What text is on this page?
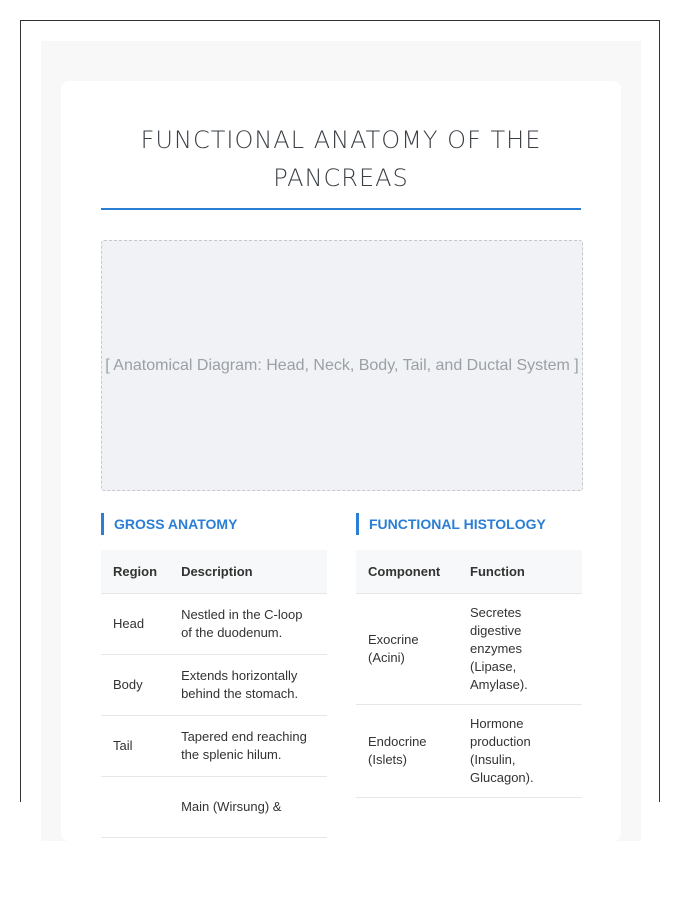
FUNCTIONAL ANATOMY OF THE PANCREAS
[ Anatomical Diagram: Head, Neck, Body, Tail, and Ductal System ]
GROSS ANATOMY	FUNCTIONAL HISTOLOGY
Region	Description
Head	Nestled in the C-loop of the duodenum.
Body	Extends horizontally behind the stomach.
Tail	Tapered end reaching the splenic hilum.
	Main (Wirsung) &
Component	Function
Exocrine (Acini)	Secretes digestive enzymes (Lipase, Amylase).
Endocrine (Islets)	Hormone production (Insulin, Glucagon).
